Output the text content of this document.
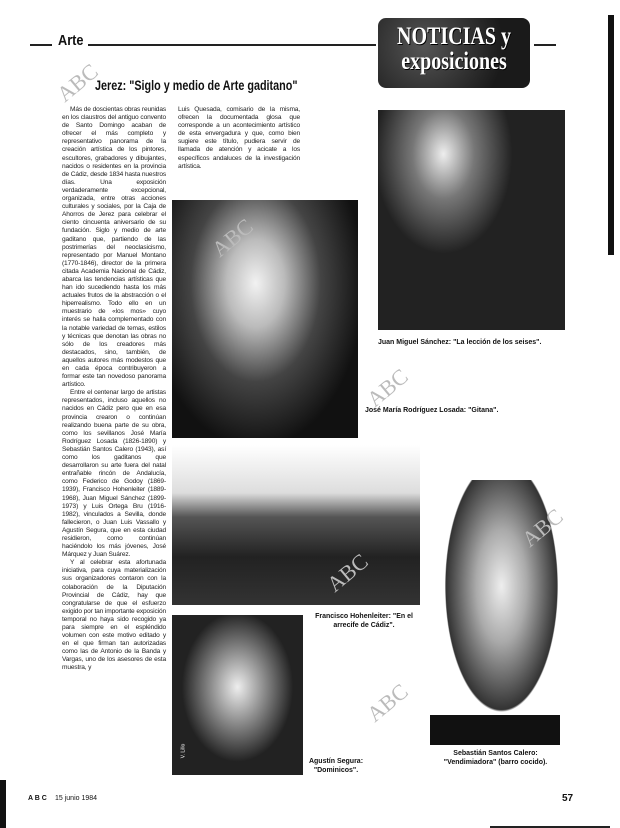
Arte	NOTICIAS y
exposiciones
Jerez: "Siglo y medio de Arte gaditano"

Más de doscientas obras reunidas en los claustros del antiguo convento de Santo Domingo acaban de ofrecer el más completo y representativo panorama de la creación artística de los pintores, escultores, grabadores y dibujantes, nacidos o residentes en la provincia de Cádiz, desde 1834 hasta nuestros días. Una exposición verdaderamente excepcional, organizada, entre otras acciones culturales y sociales, por la Caja de Ahorros de Jerez para celebrar el ciento cincuenta aniversario de su fundación. Siglo y medio de arte gaditano que, partiendo de las postrimerías del neoclasicismo, representado por Manuel Montano (1770-1846), director de la primera citada Academia Nacional de Cádiz, abarca las tendencias artísticas que han ido sucediendo hasta los más actuales frutos de la abstracción o el hiperrealismo. Todo ello en un muestrario de «los mos» cuyo interés se halla complementado con la notable variedad de temas, estilos y técnicas que denotan las obras no sólo de los creadores más destacados, sino, también, de aquellos autores más modestos que en cada época contribuyeron a formar este tan novedoso panorama artístico.

Entre el centenar largo de artistas representados, incluso aquellos no nacidos en Cádiz pero que en esa provincia crearon o continúan realizando buena parte de su obra, como los sevillanos José María Rodríguez Losada (1826-1890) y Sebastián Santos Calero (1943), así como los gaditanos que desarrollaron su arte fuera del natal entrañable rincón de Andalucía, como Federico de Godoy (1869-1939), Francisco Hohenleiter (1889-1968), Juan Miguel Sánchez (1899-1973) y Luis Ortega Bru (1916-1982), vinculados a Sevilla, donde fallecieron, o Juan Luis Vassallo y Agustín Segura, que en esta ciudad residieron, como continúan haciéndolo los más jóvenes, José Márquez y Juan Suárez.

Y al celebrar esta afortunada iniciativa, para cuya materialización sus organizadores contaron con la colaboración de la Diputación Provincial de Cádiz, hay que congratularse de que el esfuerzo exigido por tan importante exposición temporal no haya sido recogido ya para siempre en el espléndido volumen con este motivo editado y en el que firman tan autorizadas como las de Antonio de la Banda y Vargas, uno de los asesores de esta muestra, y

Luis Quesada, comisario de la misma, ofrecen la documentada glosa que corresponde a un acontecimiento artístico de esta envergadura y que, como bien sugiere este título, pudiera servir de llamada de atención y acicate a los específicos andaluces de la investigación artística.

Juan Miguel Sánchez: "La lección de los seises".
José María Rodríguez Losada: "Gitana".
V. Lillo
Agustín Segura: "Dominicos".
Sebastián Santos Calero: "Vendimiadora" (barro cocido).
Francisco Hohenleiter: "En el arrecife de Cádiz".
ABC
ABC
ABC
ABC
ABC
ABC
A B C 15 junio 1984	57
